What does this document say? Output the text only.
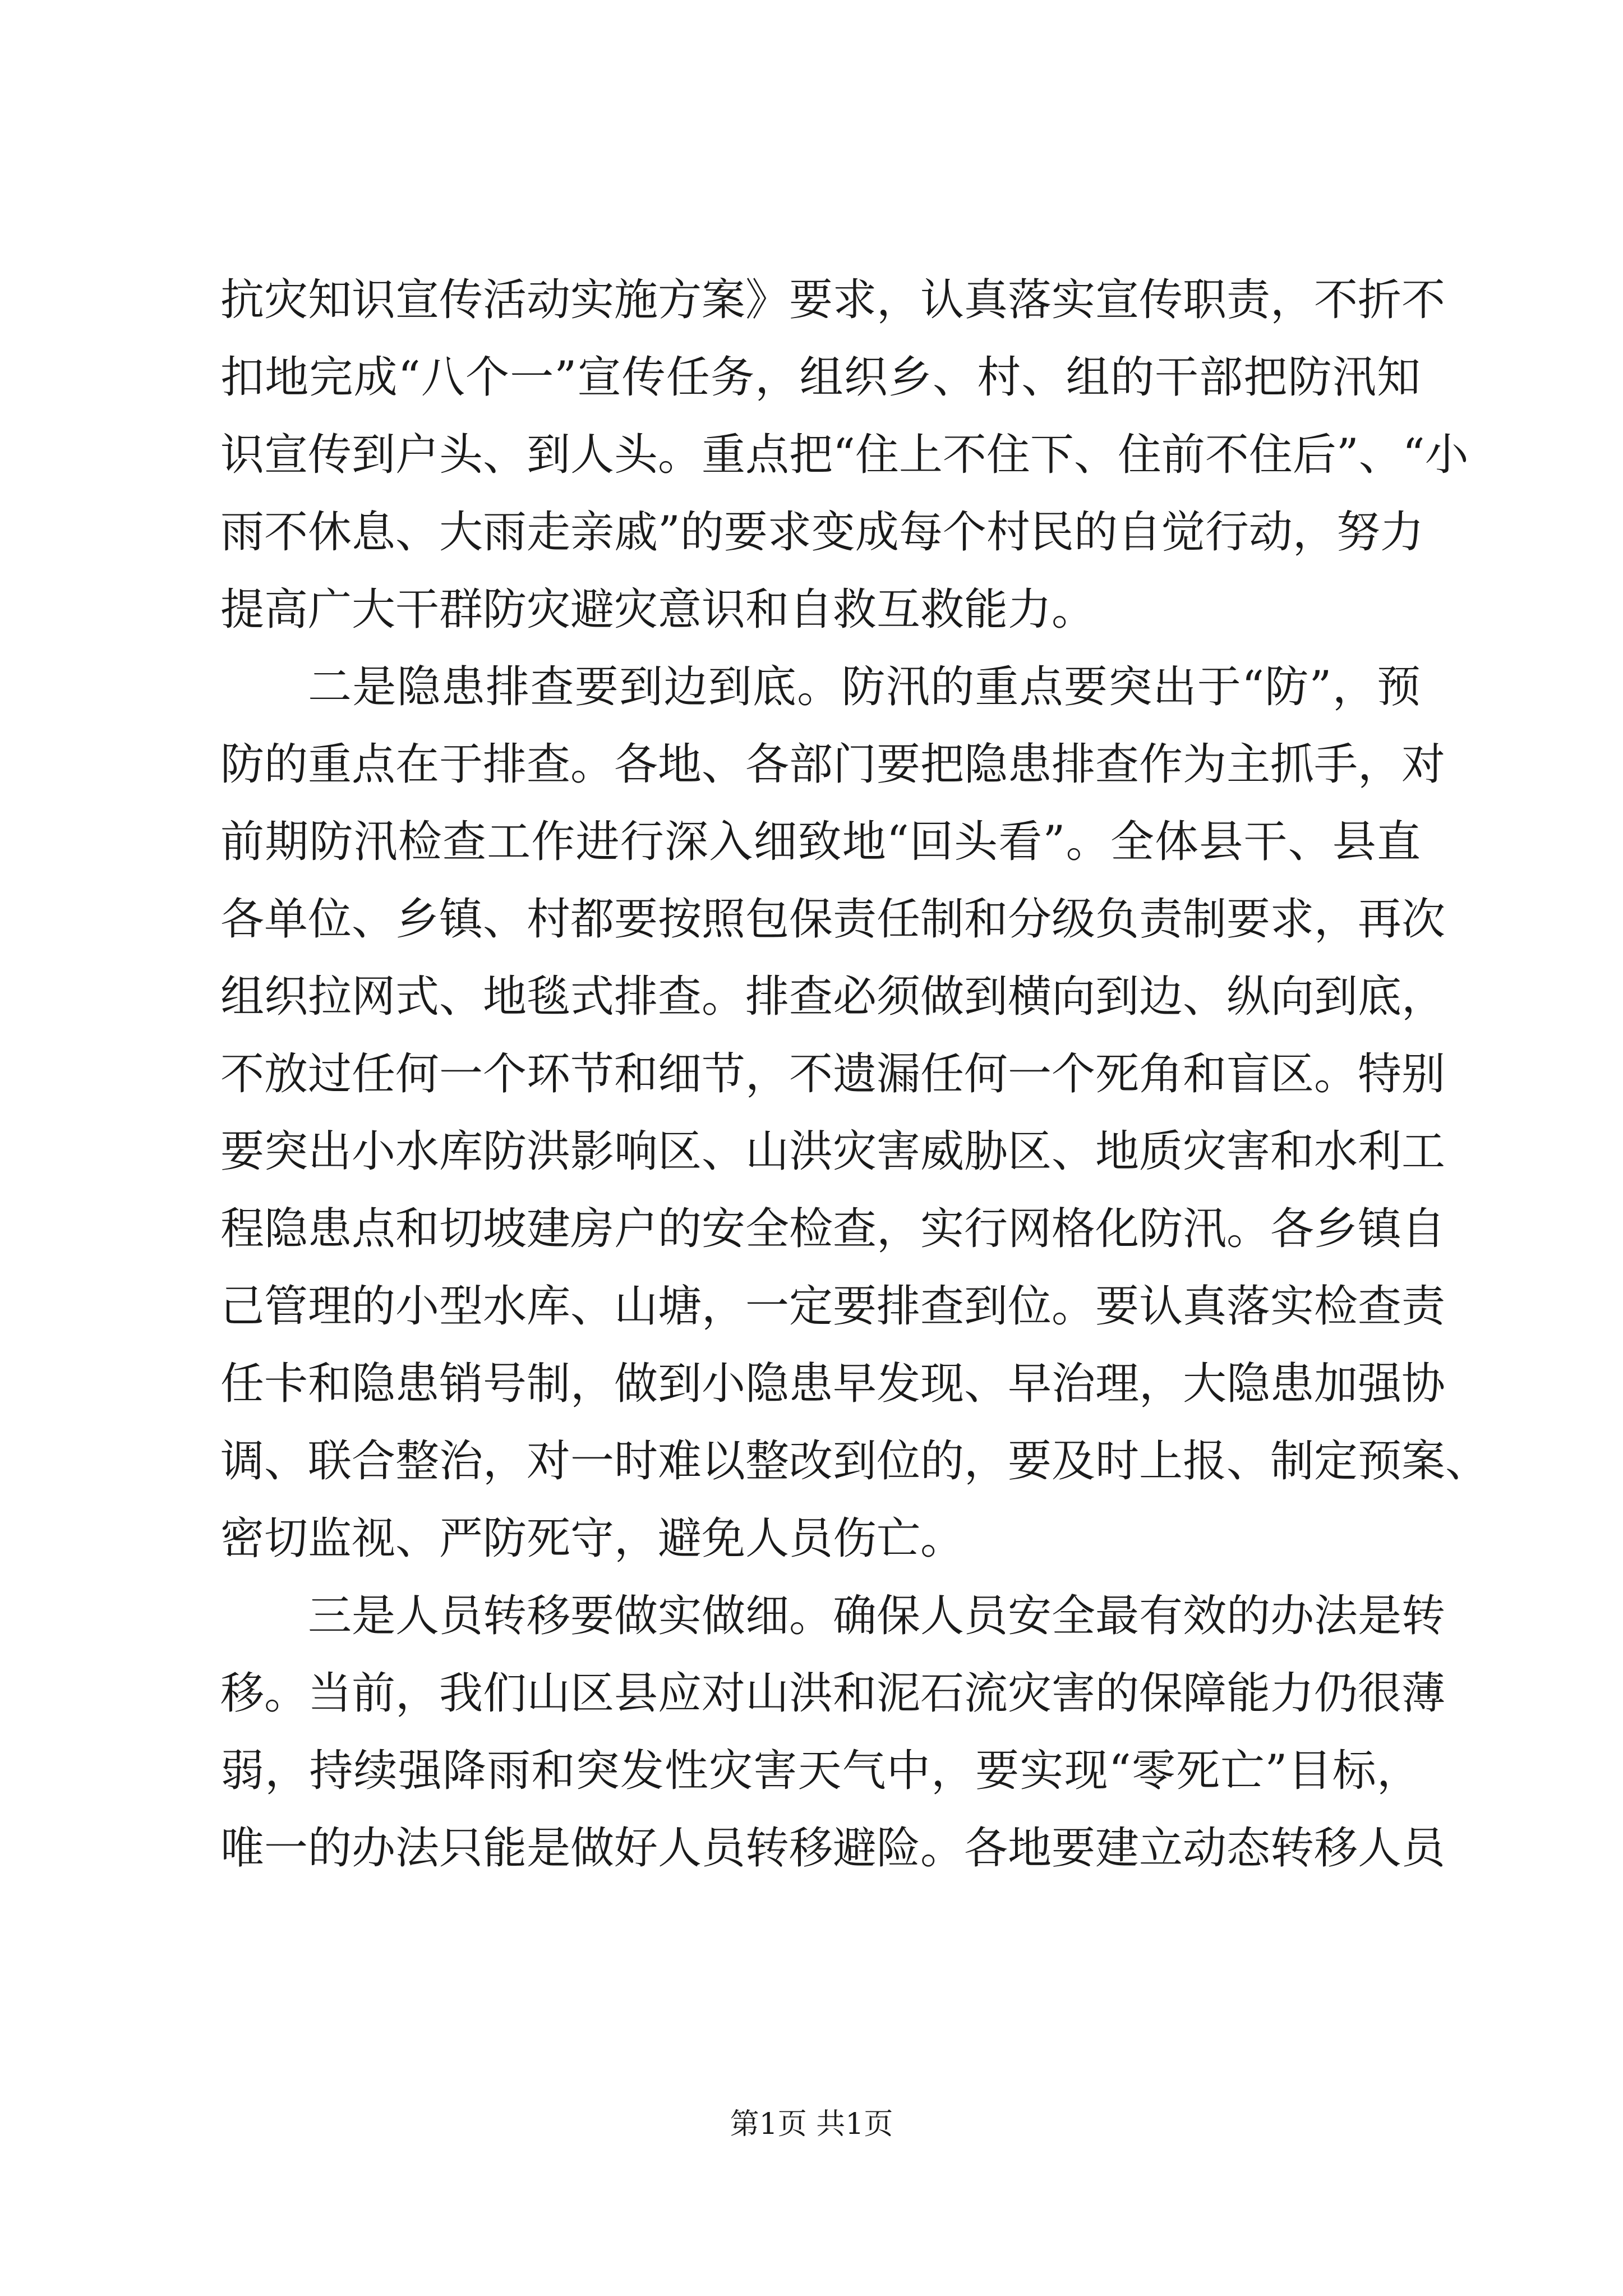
抗灾知识宣传活动实施方案》要求，认真落实宣传职责，不折不
扣地完成“八个一”宣传任务，组织乡、村、组的干部把防汛知
识宣传到户头、到人头。重点把“住上不住下、住前不住后”、“小
雨不休息、大雨走亲戚”的要求变成每个村民的自觉行动，努力
提高广大干群防灾避灾意识和自救互救能力。
二是隐患排查要到边到底。防汛的重点要突出于“防”，预
防的重点在于排查。各地、各部门要把隐患排查作为主抓手，对
前期防汛检查工作进行深入细致地“回头看”。全体县干、县直
各单位、乡镇、村都要按照包保责任制和分级负责制要求，再次
组织拉网式、地毯式排查。排查必须做到横向到边、纵向到底，
不放过任何一个环节和细节，不遗漏任何一个死角和盲区。特别
要突出小水库防洪影响区、山洪灾害威胁区、地质灾害和水利工
程隐患点和切坡建房户的安全检查，实行网格化防汛。各乡镇自
己管理的小型水库、山塘，一定要排查到位。要认真落实检查责
任卡和隐患销号制，做到小隐患早发现、早治理，大隐患加强协
调、联合整治，对一时难以整改到位的，要及时上报、制定预案、
密切监视、严防死守，避免人员伤亡。
三是人员转移要做实做细。确保人员安全最有效的办法是转
移。当前，我们山区县应对山洪和泥石流灾害的保障能力仍很薄
弱，持续强降雨和突发性灾害天气中，要实现“零死亡”目标，
唯一的办法只能是做好人员转移避险。各地要建立动态转移人员
第1页 共1页
